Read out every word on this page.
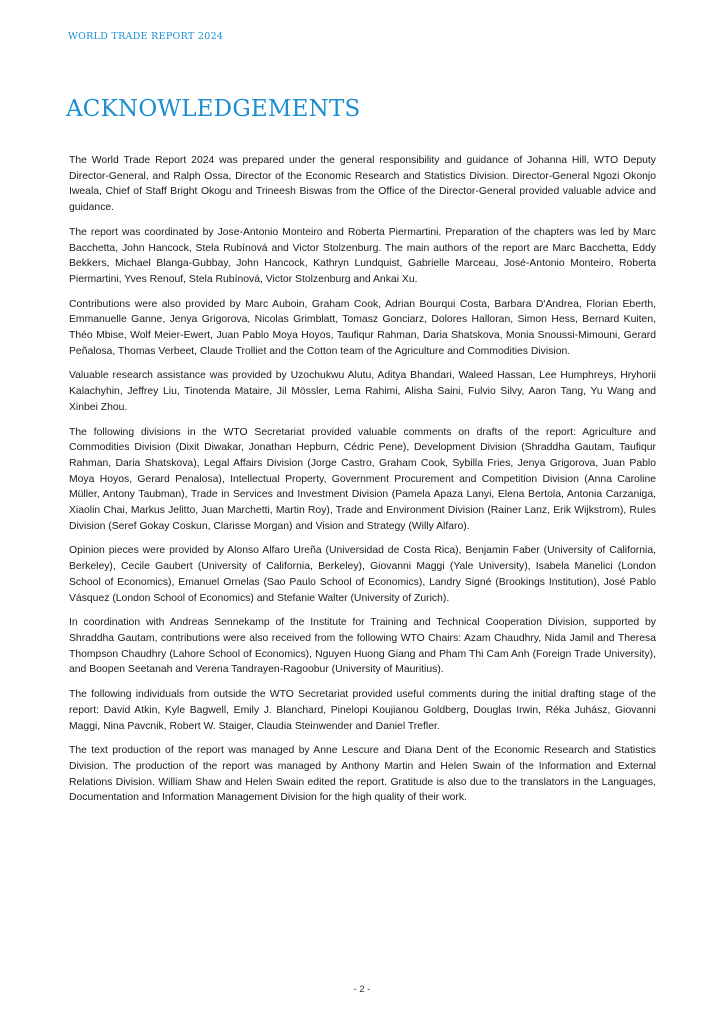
WORLD TRADE REPORT 2024
ACKNOWLEDGEMENTS

The World Trade Report 2024 was prepared under the general responsibility and guidance of Johanna Hill, WTO Deputy Director-General, and Ralph Ossa, Director of the Economic Research and Statistics Division. Director-General Ngozi Okonjo Iweala, Chief of Staff Bright Okogu and Trineesh Biswas from the Office of the Director-General provided valuable advice and guidance.

The report was coordinated by Jose-Antonio Monteiro and Roberta Piermartini. Preparation of the chapters was led by Marc Bacchetta, John Hancock, Stela Rubínová and Victor Stolzenburg. The main authors of the report are Marc Bacchetta, Eddy Bekkers, Michael Blanga-Gubbay, John Hancock, Kathryn Lundquist, Gabrielle Marceau, José-Antonio Monteiro, Roberta Piermartini, Yves Renouf, Stela Rubínová, Victor Stolzenburg and Ankai Xu.

Contributions were also provided by Marc Auboin, Graham Cook, Adrian Bourqui Costa, Barbara D'Andrea, Florian Eberth, Emmanuelle Ganne, Jenya Grigorova, Nicolas Grimblatt, Tomasz Gonciarz, Dolores Halloran, Simon Hess, Bernard Kuiten, Théo Mbise, Wolf Meier-Ewert, Juan Pablo Moya Hoyos, Taufiqur Rahman, Daria Shatskova, Monia Snoussi-Mimouni, Gerard Peñalosa, Thomas Verbeet, Claude Trolliet and the Cotton team of the Agriculture and Commodities Division.

Valuable research assistance was provided by Uzochukwu Alutu, Aditya Bhandari, Waleed Hassan, Lee Humphreys, Hryhorii Kalachyhin, Jeffrey Liu, Tinotenda Mataire, Jil Mössler, Lema Rahimi, Alisha Saini, Fulvio Silvy, Aaron Tang, Yu Wang and Xinbei Zhou.

The following divisions in the WTO Secretariat provided valuable comments on drafts of the report: Agriculture and Commodities Division (Dixit Diwakar, Jonathan Hepburn, Cédric Pene), Development Division (Shraddha Gautam, Taufiqur Rahman, Daria Shatskova), Legal Affairs Division (Jorge Castro, Graham Cook, Sybilla Fries, Jenya Grigorova, Juan Pablo Moya Hoyos, Gerard Penalosa), Intellectual Property, Government Procurement and Competition Division (Anna Caroline Müller, Antony Taubman), Trade in Services and Investment Division (Pamela Apaza Lanyi, Elena Bertola, Antonia Carzaniga, Xiaolin Chai, Markus Jelitto, Juan Marchetti, Martin Roy), Trade and Environment Division (Rainer Lanz, Erik Wijkstrom), Rules Division (Seref Gokay Coskun, Clarisse Morgan) and Vision and Strategy (Willy Alfaro).

Opinion pieces were provided by Alonso Alfaro Ureña (Universidad de Costa Rica), Benjamin Faber (University of California, Berkeley), Cecile Gaubert (University of California, Berkeley), Giovanni Maggi (Yale University), Isabela Manelici (London School of Economics), Emanuel Ornelas (Sao Paulo School of Economics), Landry Signé (Brookings Institution), José Pablo Vásquez (London School of Economics) and Stefanie Walter (University of Zurich).

In coordination with Andreas Sennekamp of the Institute for Training and Technical Cooperation Division, supported by Shraddha Gautam, contributions were also received from the following WTO Chairs: Azam Chaudhry, Nida Jamil and Theresa Thompson Chaudhry (Lahore School of Economics), Nguyen Huong Giang and Pham Thi Cam Anh (Foreign Trade University), and Boopen Seetanah and Verena Tandrayen-Ragoobur (University of Mauritius).

The following individuals from outside the WTO Secretariat provided useful comments during the initial drafting stage of the report: David Atkin, Kyle Bagwell, Emily J. Blanchard, Pinelopi Koujianou Goldberg, Douglas Irwin, Réka Juhász, Giovanni Maggi, Nina Pavcnik, Robert W. Staiger, Claudia Steinwender and Daniel Trefler.

The text production of the report was managed by Anne Lescure and Diana Dent of the Economic Research and Statistics Division. The production of the report was managed by Anthony Martin and Helen Swain of the Information and External Relations Division. William Shaw and Helen Swain edited the report. Gratitude is also due to the translators in the Languages, Documentation and Information Management Division for the high quality of their work.

- 2 -
